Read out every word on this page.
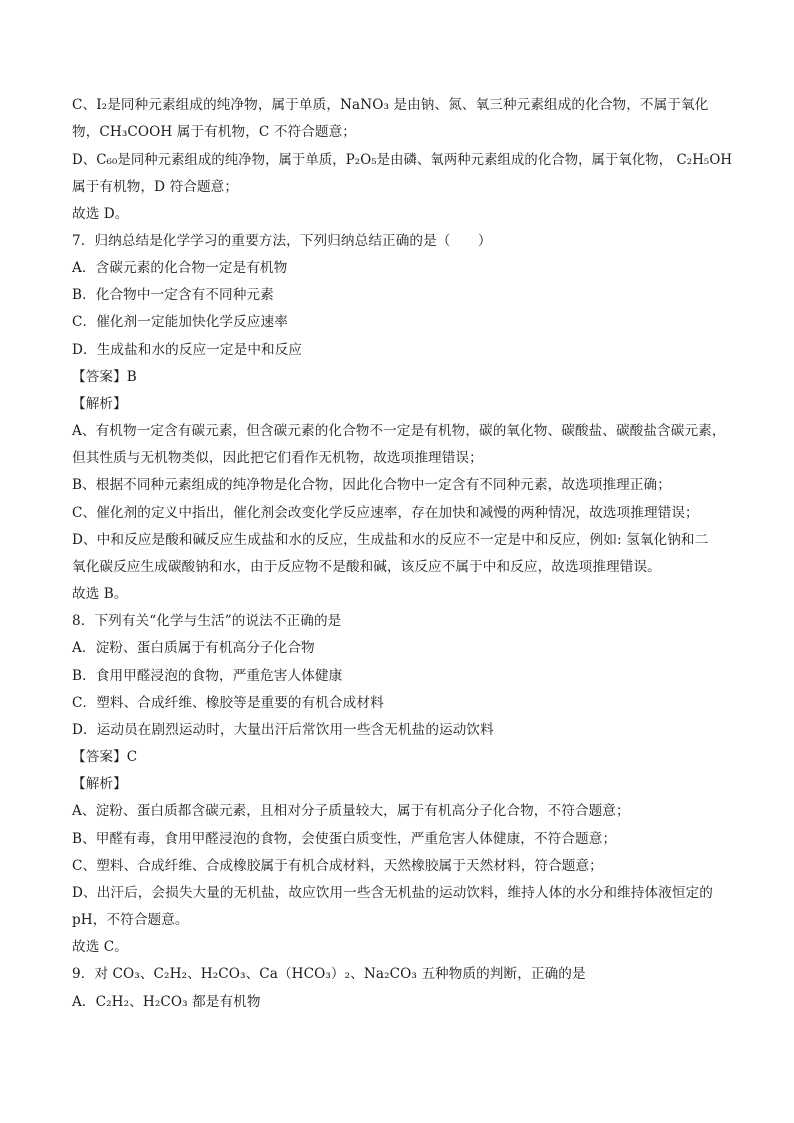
C、I₂是同种元素组成的纯净物，属于单质，NaNO₃ 是由钠、氮、氧三种元素组成的化合物，不属于氧化
物，CH₃COOH 属于有机物，C 不符合题意；
D、C₆₀是同种元素组成的纯净物，属于单质，P₂O₅是由磷、氧两种元素组成的化合物，属于氧化物， C₂H₅OH
属于有机物，D 符合题意；
故选 D。
7．归纳总结是化学学习的重要方法，下列归纳总结正确的是（　　）
A．含碳元素的化合物一定是有机物
B．化合物中一定含有不同种元素
C．催化剂一定能加快化学反应速率
D．生成盐和水的反应一定是中和反应
【答案】B
【解析】
A、有机物一定含有碳元素，但含碳元素的化合物不一定是有机物，碳的氧化物、碳酸盐、碳酸盐含碳元素，
但其性质与无机物类似，因此把它们看作无机物，故选项推理错误；
B、根据不同种元素组成的纯净物是化合物，因此化合物中一定含有不同种元素，故选项推理正确；
C、催化剂的定义中指出，催化剂会改变化学反应速率，存在加快和减慢的两种情况，故选项推理错误；
D、中和反应是酸和碱反应生成盐和水的反应，生成盐和水的反应不一定是中和反应，例如: 氢氧化钠和二
氧化碳反应生成碳酸钠和水，由于反应物不是酸和碱，该反应不属于中和反应，故选项推理错误。
故选 B。
8．下列有关“化学与生活”的说法不正确的是
A．淀粉、蛋白质属于有机高分子化合物
B．食用甲醛浸泡的食物，严重危害人体健康
C．塑料、合成纤维、橡胶等是重要的有机合成材料
D．运动员在剧烈运动时，大量出汗后常饮用一些含无机盐的运动饮料
【答案】C
【解析】
A、淀粉、蛋白质都含碳元素，且相对分子质量较大，属于有机高分子化合物，不符合题意；
B、甲醛有毒，食用甲醛浸泡的食物，会使蛋白质变性，严重危害人体健康，不符合题意；
C、塑料、合成纤维、合成橡胶属于有机合成材料，天然橡胶属于天然材料，符合题意；
D、出汗后，会损失大量的无机盐，故应饮用一些含无机盐的运动饮料，维持人体的水分和维持体液恒定的
pH，不符合题意。
故选 C。
9．对 CO₃、C₂H₂、H₂CO₃、Ca（HCO₃）₂、Na₂CO₃ 五种物质的判断，正确的是
A．C₂H₂、H₂CO₃ 都是有机物
